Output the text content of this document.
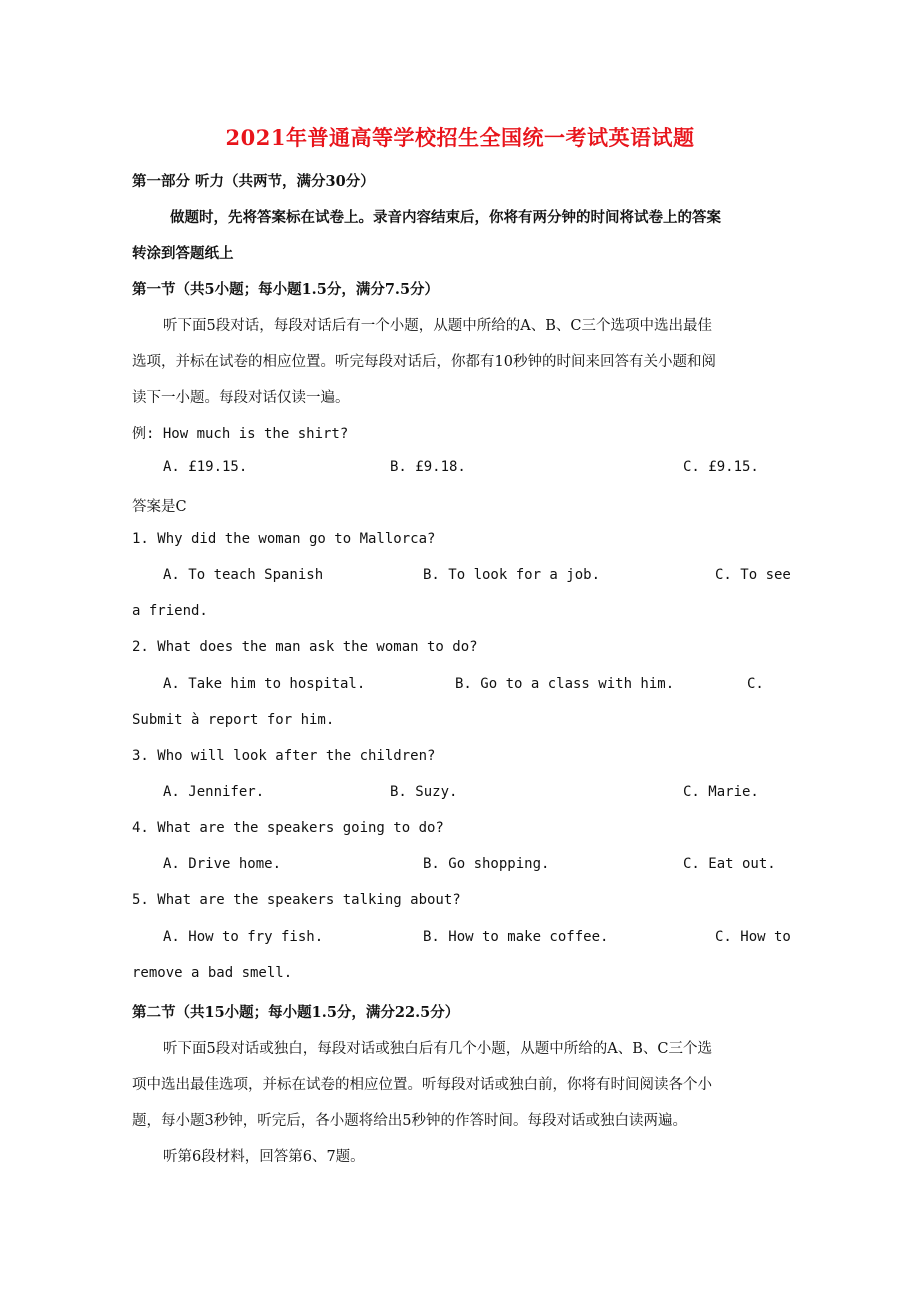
2021年普通高等学校招生全国统一考试英语试题
第一部分 听力（共两节，满分30分）
做题时，先将答案标在试卷上。录音内容结束后，你将有两分钟的时间将试卷上的答案
转涂到答题纸上
第一节（共5小题；每小题1.5分，满分7.5分）
听下面5段对话，每段对话后有一个小题，从题中所给的A、B、C三个选项中选出最佳
选项，并标在试卷的相应位置。听完每段对话后，你都有10秒钟的时间来回答有关小题和阅
读下一小题。每段对话仅读一遍。
例: How much is the shirt?
A. £19.15.	B. £9.18.	C. £9.15.
答案是C
1. Why did the woman go to Mallorca?
A. To teach Spanish	B. To look for a job.	C. To see
a friend.
2. What does the man ask the woman to do?
A. Take him to hospital.	B. Go to a class with him.	C.
Submit à report for him.
3. Who will look after the children?
A. Jennifer.	B. Suzy.	C. Marie.
4. What are the speakers going to do?
A. Drive home.	B. Go shopping.	C. Eat out.
5. What are the speakers talking about?
A. How to fry fish.	B. How to make coffee.	C. How to
remove a bad smell.
第二节（共15小题；每小题1.5分，满分22.5分）
听下面5段对话或独白，每段对话或独白后有几个小题，从题中所给的A、B、C三个选
项中选出最佳选项，并标在试卷的相应位置。听每段对话或独白前，你将有时间阅读各个小
题，每小题3秒钟，听完后，各小题将给出5秒钟的作答时间。每段对话或独白读两遍。
听第6段材料，回答第6、7题。
